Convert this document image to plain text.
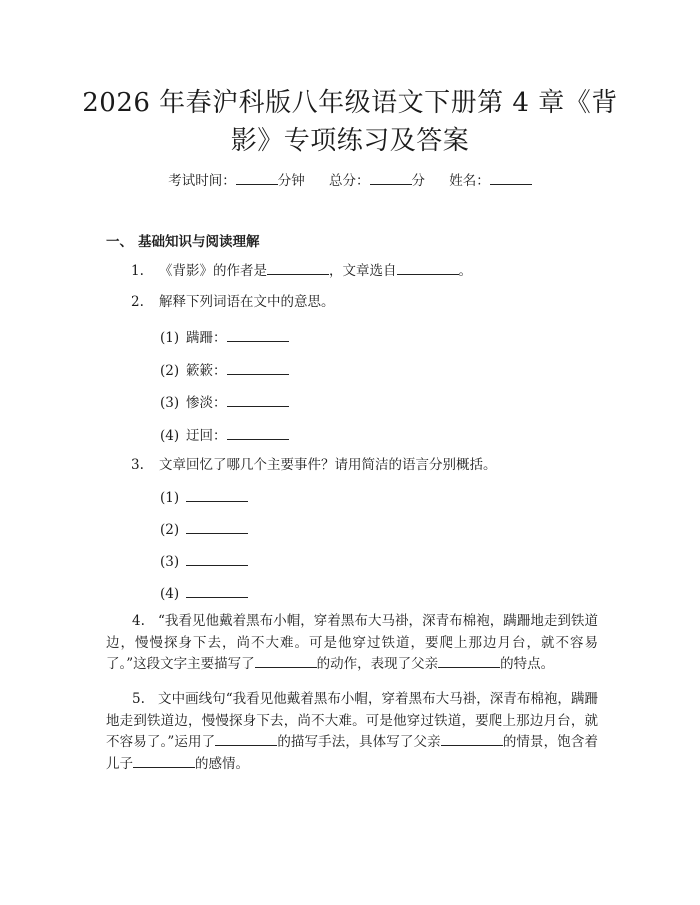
2026 年春沪科版八年级语文下册第 4 章《背
影》专项练习及答案
考试时间：	分钟 总分：	分 姓名：
一、 基础知识与阅读理解
1. 《背影》的作者是	，文章选自	。
2. 解释下列词语在文中的意思。
(1) 蹒跚：
(2) 簌簌：
(3) 惨淡：
(4) 迂回：
3. 文章回忆了哪几个主要事件？请用简洁的语言分别概括。
(1)
(2)
(3)
(4)
4. “我看见他戴着黑布小帽，穿着黑布大马褂，深青布棉袍，蹒跚地走到铁道边，慢慢探身下去，尚不大难。可是他穿过铁道，要爬上那边月台，就不容易了。”这段文字主要描写了	的动作，表现了父亲	的特点。
5. 文中画线句“我看见他戴着黑布小帽，穿着黑布大马褂，深青布棉袍，蹒跚地走到铁道边，慢慢探身下去，尚不大难。可是他穿过铁道，要爬上那边月台，就不容易了。”运用了	的描写手法，具体写了父亲	的情景，饱含着儿子	的感情。
